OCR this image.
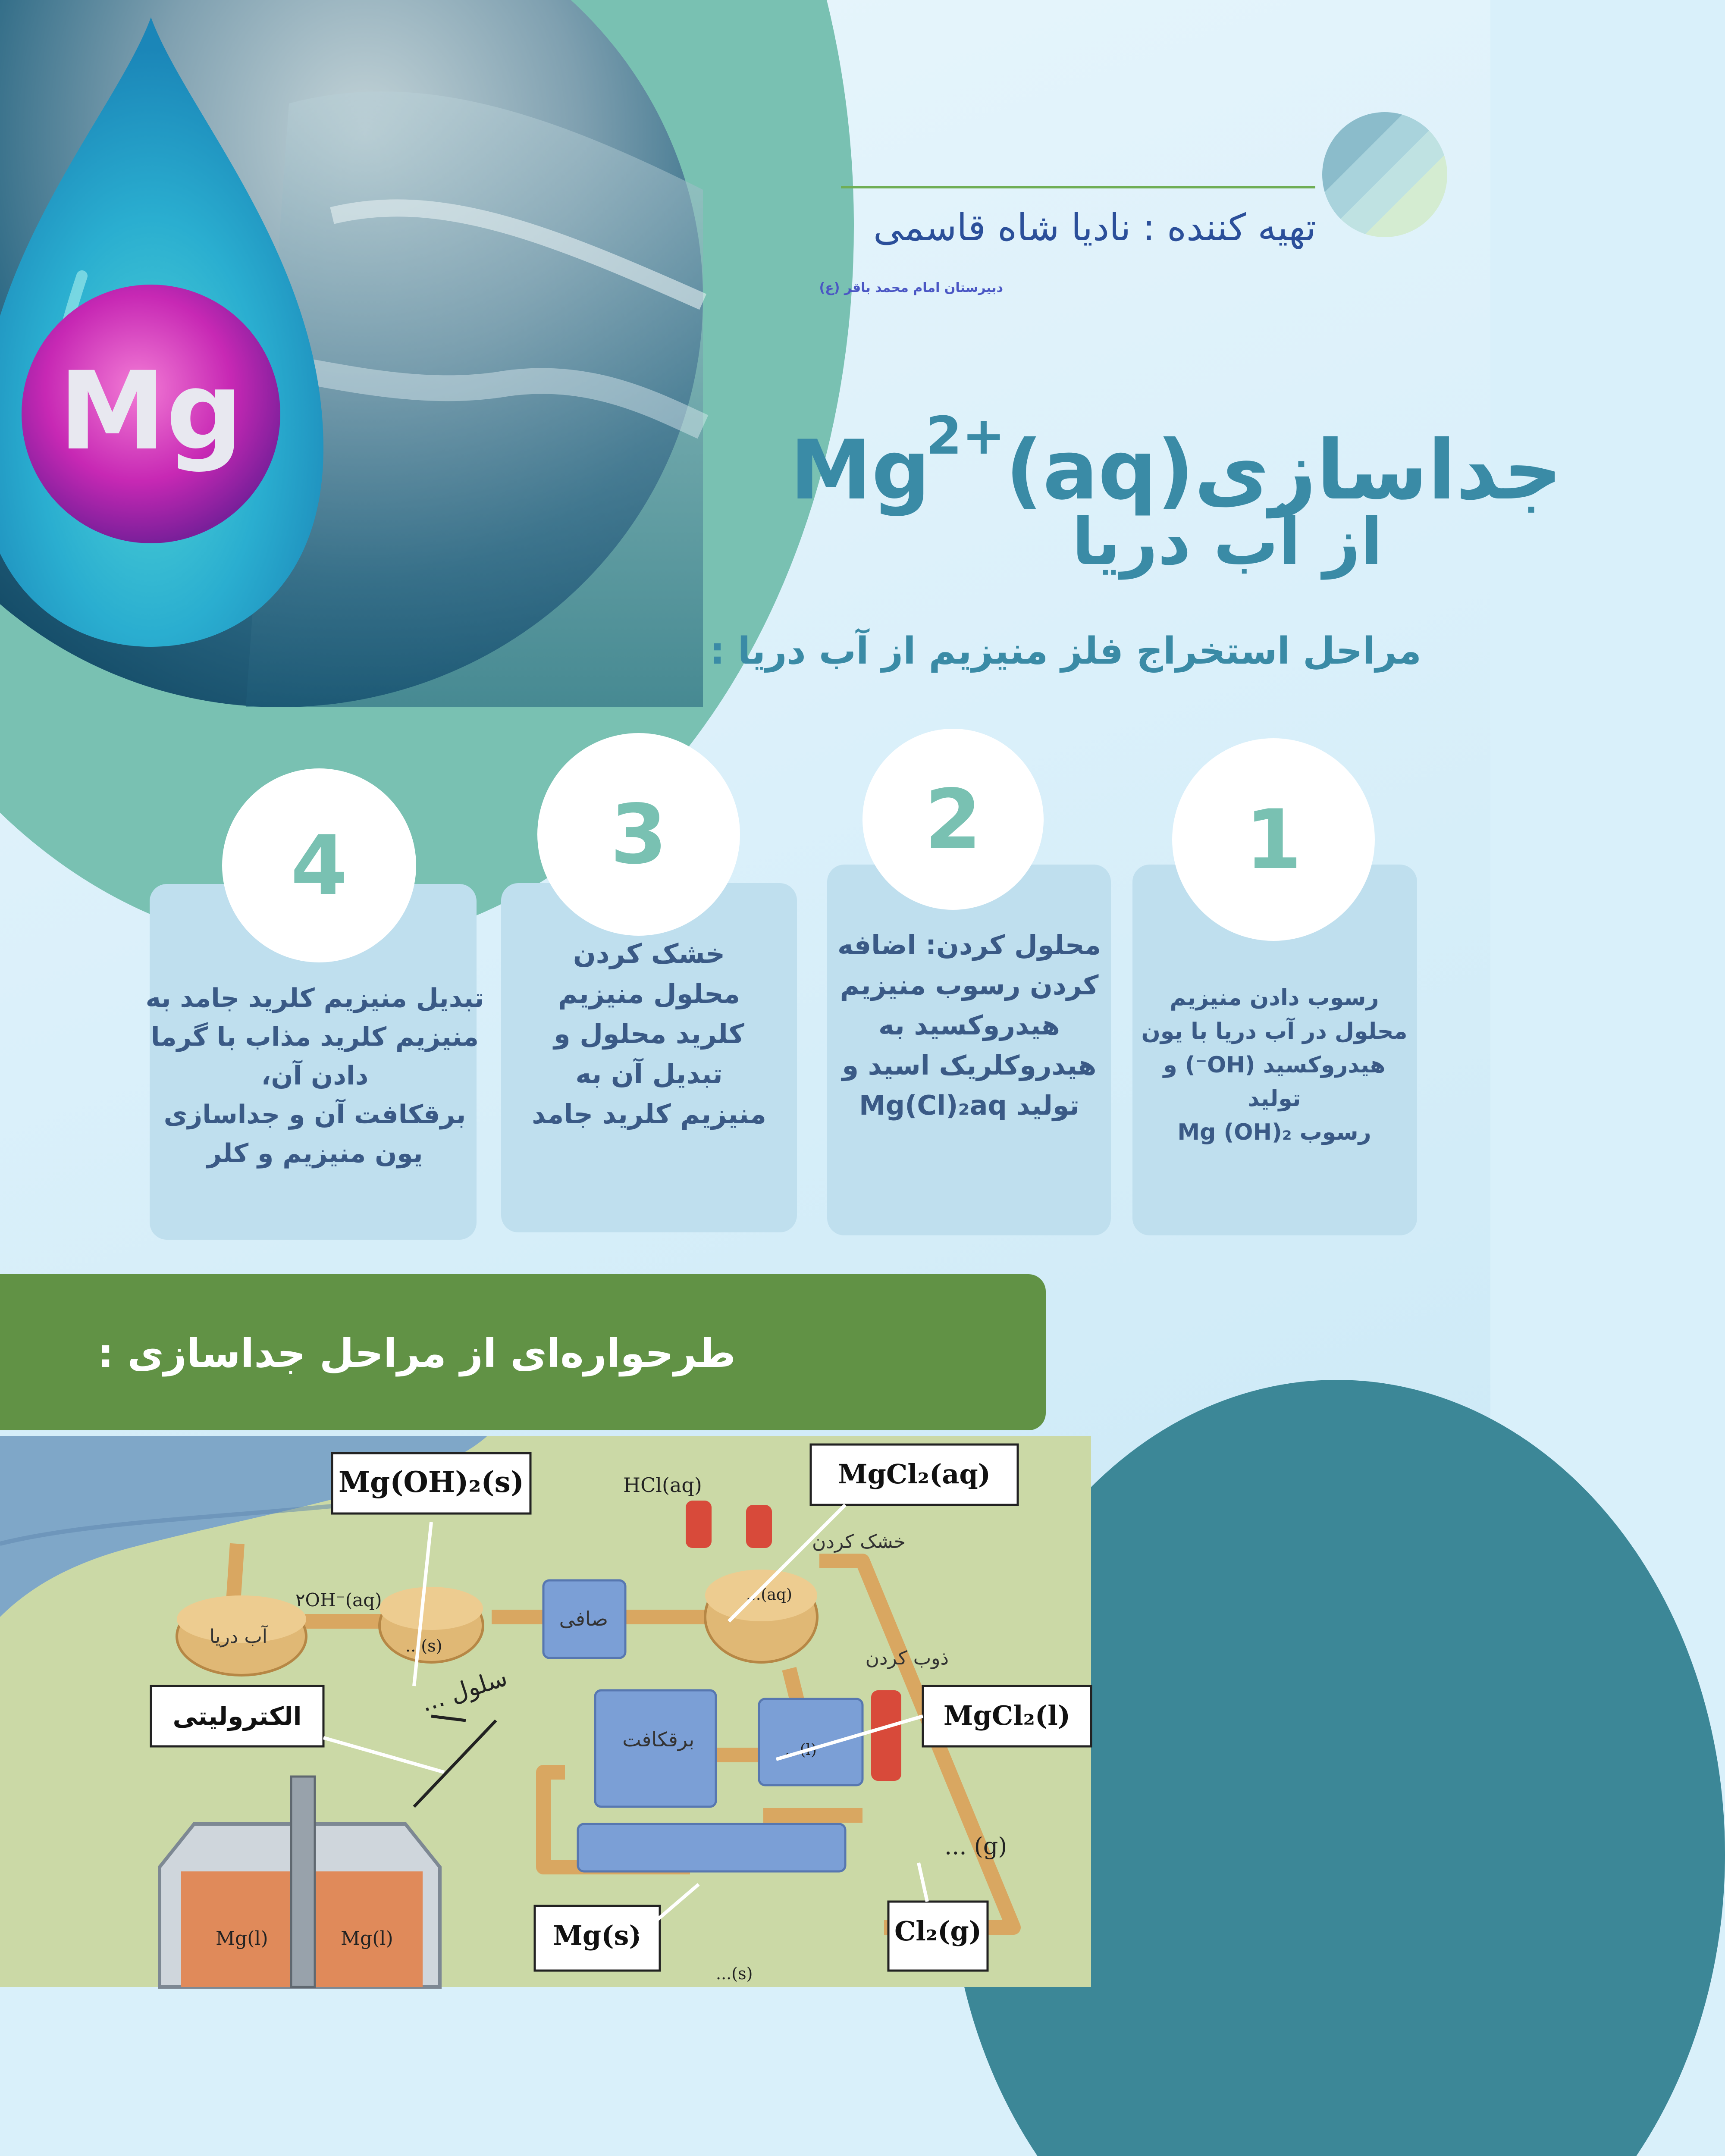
Mg
تهیه کننده : نادیا شاه قاسمی
دبیرستان امام محمد باقر (ع)
$Mg^{2+}(aq)جداسازی$
از آب دریا
مراحل استخراج فلز منیزیم از آب دریا :
4	3	2	1
تبدیل منیزیم کلرید جامد به
منیزیم کلرید مذاب با گرما
دادن آن،
برقکافت آن و جداسازی
یون منیزیم و کلر
خشک کردن
محلول منیزیم
کلرید محلول و
تبدیل آن به
منیزیم کلرید جامد
محلول کردن: اضافه
کردن رسوب منیزیم
هیدروکسید به
هیدروکلریک اسید و
تولید Mg(Cl)₂aq
رسوب دادن منیزیم
محلول در آب دریا با یون
هیدروکسید (OH⁻) و تولید
رسوب Mg (OH)₂
طرحواره‌ای از مراحل جداسازی :
Mg(OH)₂(s)	MgCl₂(aq)
MgCl₂(l)
الکترولیتی
Cl₂(g)
Mg(s)
HCl(aq)
خشک کردن
ذوب کردن
آب دریا
۲OH⁻(aq)
...(s)
صافی
...(aq)
برقکافت	...(l)
... (g)
...(s)
سلول ...
Mg(l)	Mg(l)
